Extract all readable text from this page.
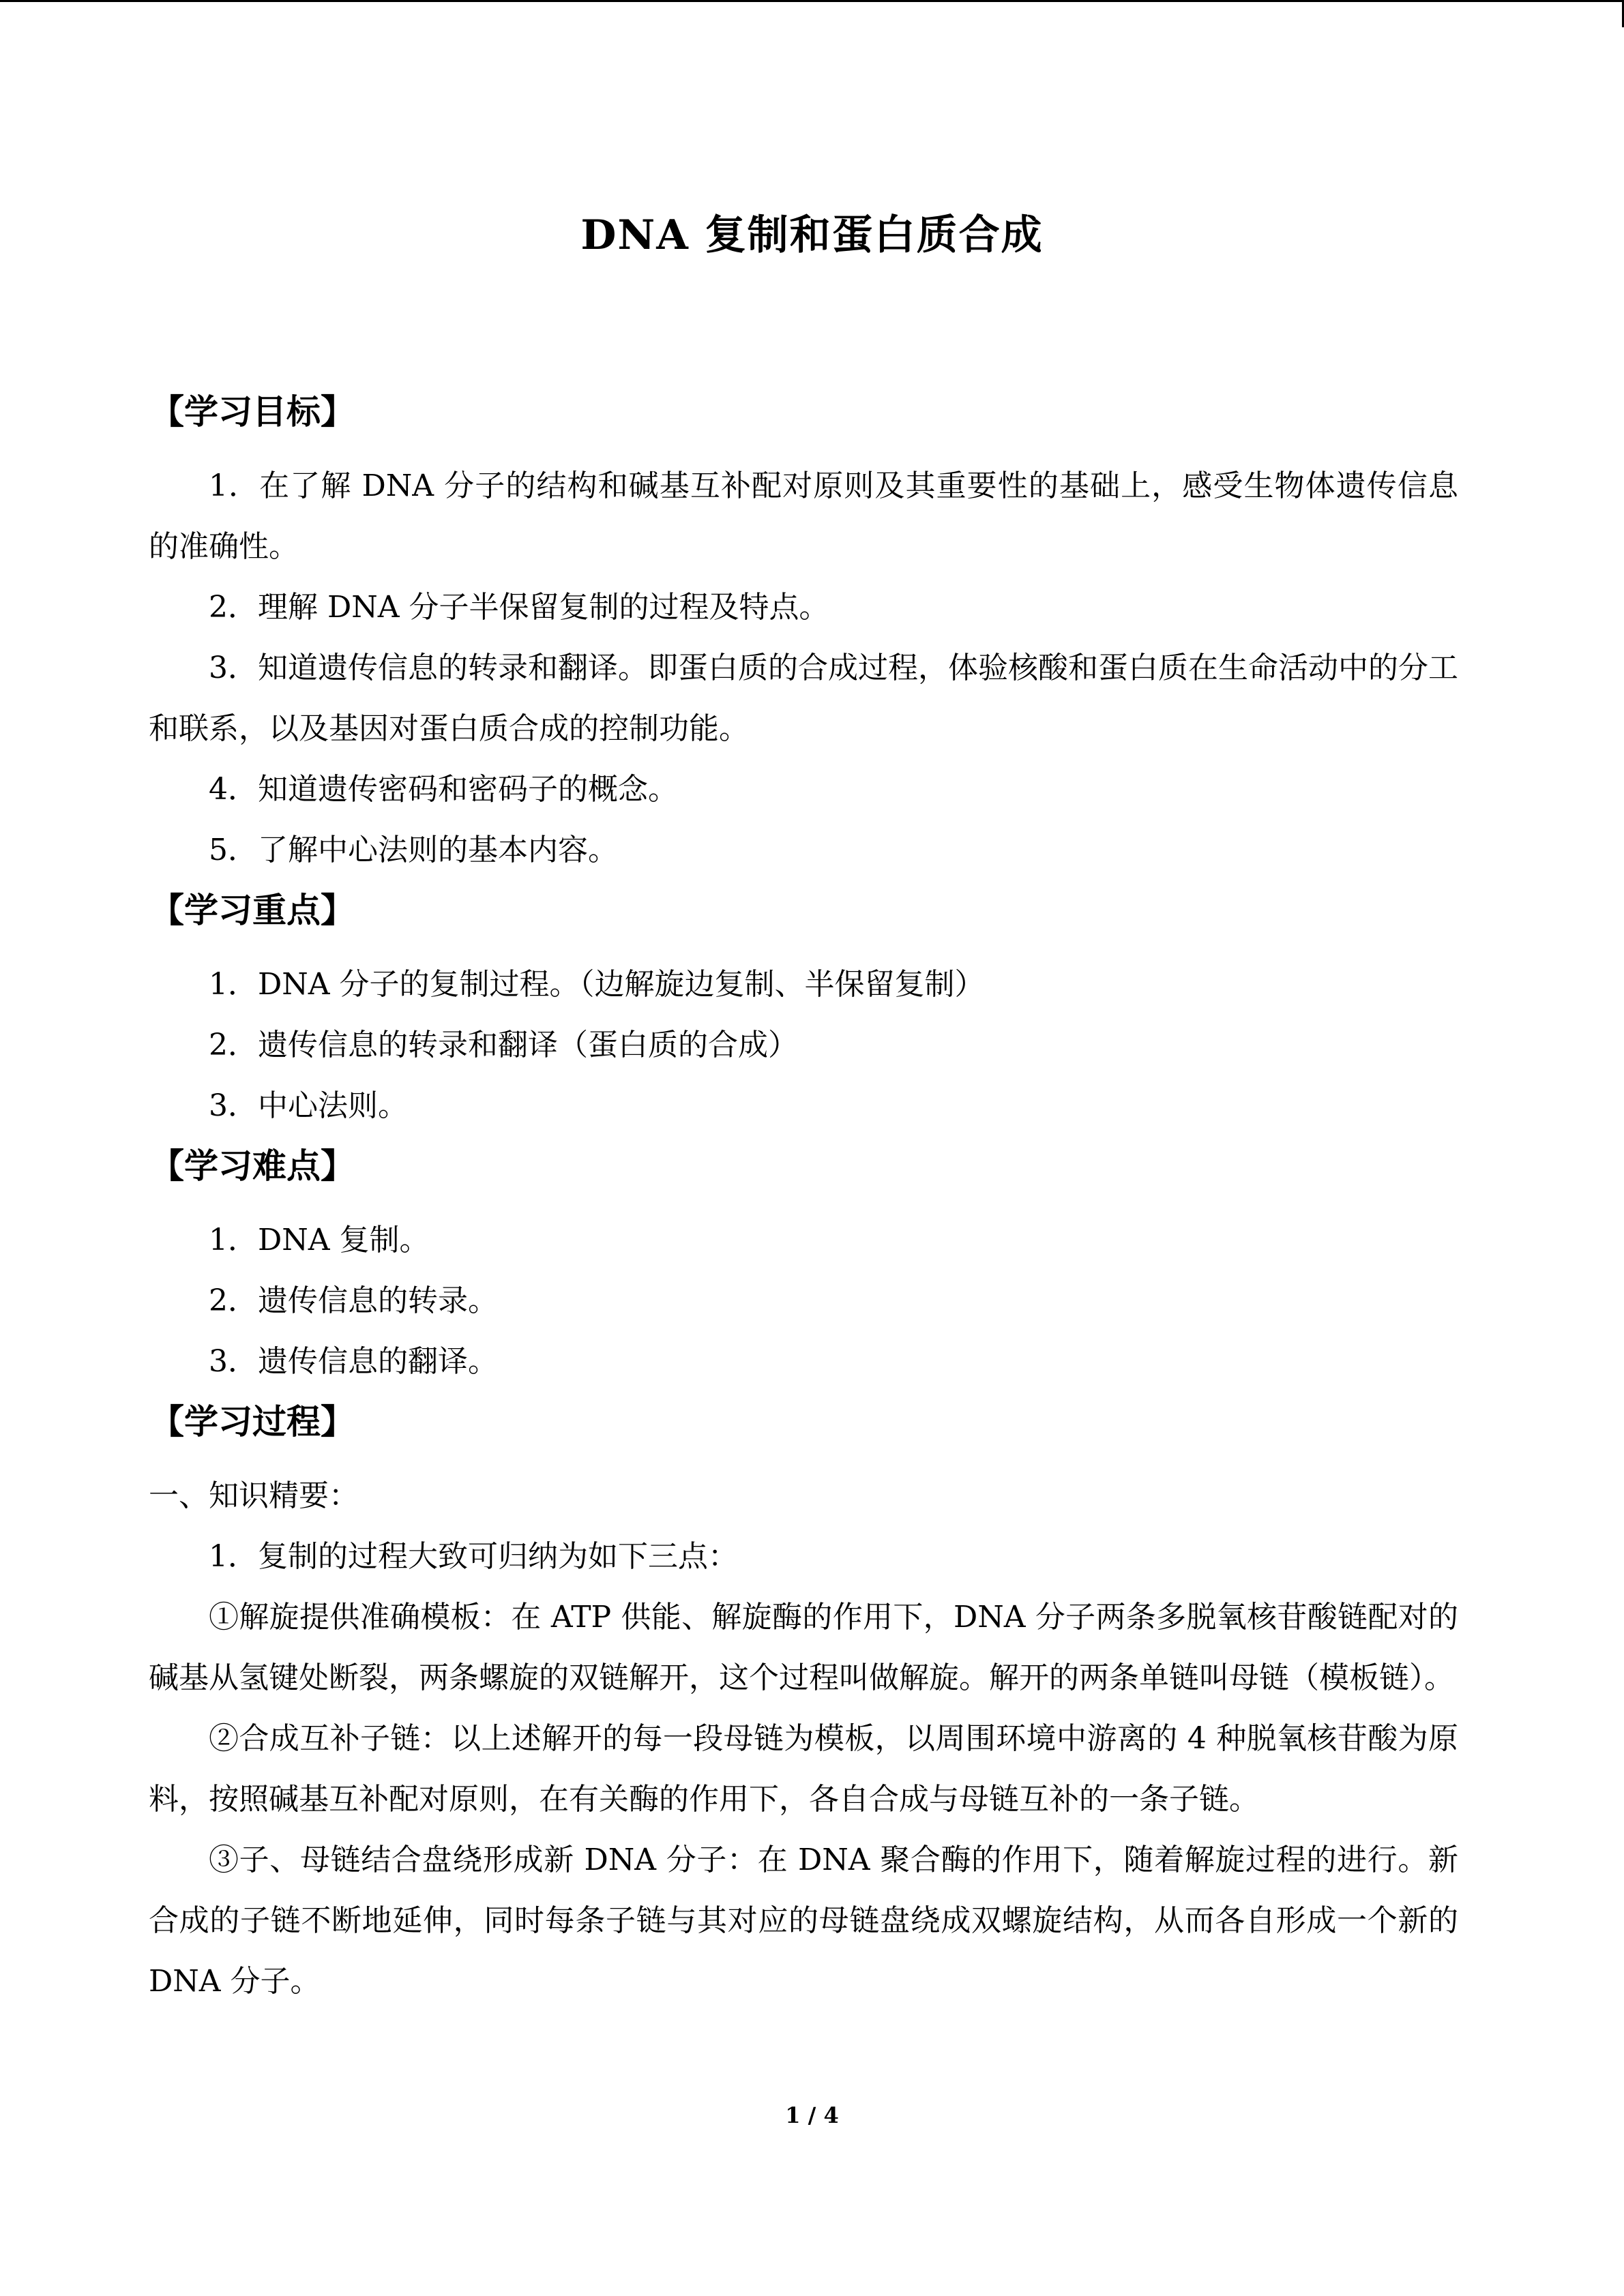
DNA 复制和蛋白质合成
【学习目标】

1．在了解 DNA 分子的结构和碱基互补配对原则及其重要性的基础上，感受生物体遗传信息的准确性。

2．理解 DNA 分子半保留复制的过程及特点。

3．知道遗传信息的转录和翻译。即蛋白质的合成过程，体验核酸和蛋白质在生命活动中的分工和联系，以及基因对蛋白质合成的控制功能。

4．知道遗传密码和密码子的概念。

5．了解中心法则的基本内容。

【学习重点】

1．DNA 分子的复制过程。（边解旋边复制、半保留复制）

2．遗传信息的转录和翻译（蛋白质的合成）

3．中心法则。

【学习难点】

1．DNA 复制。

2．遗传信息的转录。

3．遗传信息的翻译。

【学习过程】

一、知识精要：

1．复制的过程大致可归纳为如下三点：

①解旋提供准确模板：在 ATP 供能、解旋酶的作用下，DNA 分子两条多脱氧核苷酸链配对的碱基从氢键处断裂，两条螺旋的双链解开，这个过程叫做解旋。解开的两条单链叫母链（模板链）。

②合成互补子链：以上述解开的每一段母链为模板，以周围环境中游离的 4 种脱氧核苷酸为原料，按照碱基互补配对原则，在有关酶的作用下，各自合成与母链互补的一条子链。

③子、母链结合盘绕形成新 DNA 分子：在 DNA 聚合酶的作用下，随着解旋过程的进行。新合成的子链不断地延伸，同时每条子链与其对应的母链盘绕成双螺旋结构，从而各自形成一个新的 DNA 分子。

1 / 4
